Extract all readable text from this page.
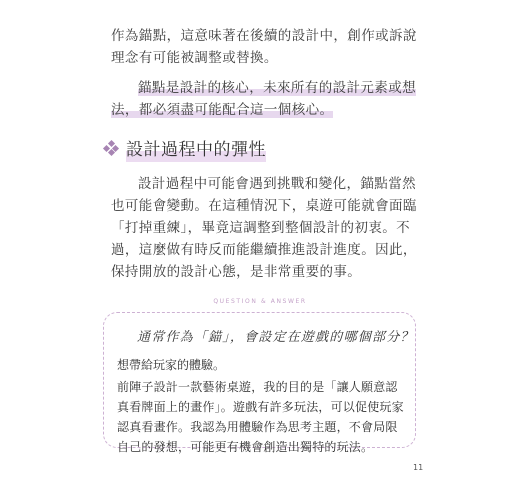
作為錨點，這意味著在後續的設計中，創作或訴說理念有可能被調整或替換。

錨點是設計的核心，未來所有的設計元素或想法，都必須盡可能配合這一個核心。

設計過程中的彈性

設計過程中可能會遇到挑戰和變化，錨點當然也可能會變動。在這種情況下，桌遊可能就會面臨「打掉重練」，畢竟這調整到整個設計的初衷。不過，這麼做有時反而能繼續推進設計進度。因此，保持開放的設計心態，是非常重要的事。

QUESTION & ANSWER
通常作為「錨」，會設定在遊戲的哪個部分？

想帶給玩家的體驗。

前陣子設計一款藝術桌遊，我的目的是「讓人願意認真看牌面上的畫作」。遊戲有許多玩法，可以促使玩家認真看畫作。我認為用體驗作為思考主題，不會局限自己的發想，可能更有機會創造出獨特的玩法。

11
